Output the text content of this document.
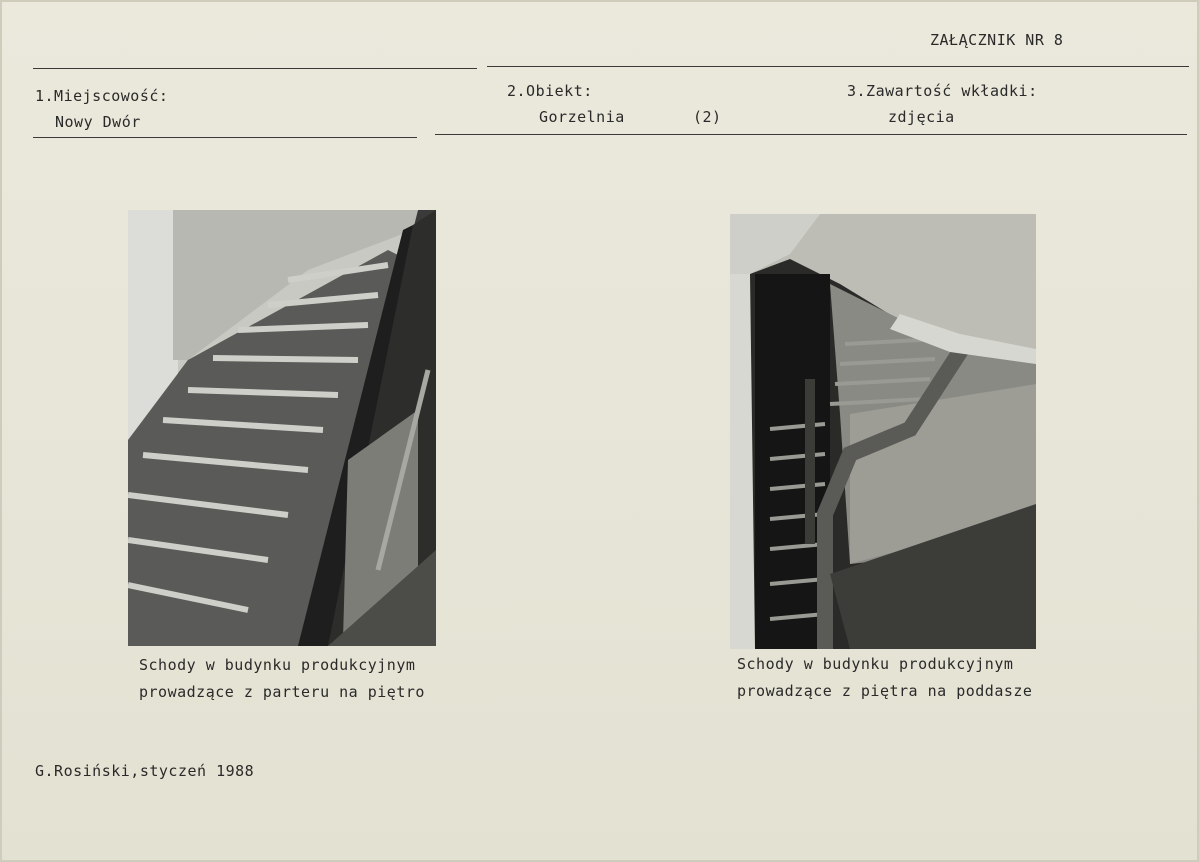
ZAŁĄCZNIK NR 8
1.Miejscowość:
Nowy Dwór
2.Obiekt:
Gorzelnia	(2)
3.Zawartość wkładki:
zdjęcia
Schody w budynku produkcyjnym
prowadzące z parteru na piętro
Schody w budynku produkcyjnym
prowadzące z piętra na poddasze
G.Rosiński,styczeń 1988
